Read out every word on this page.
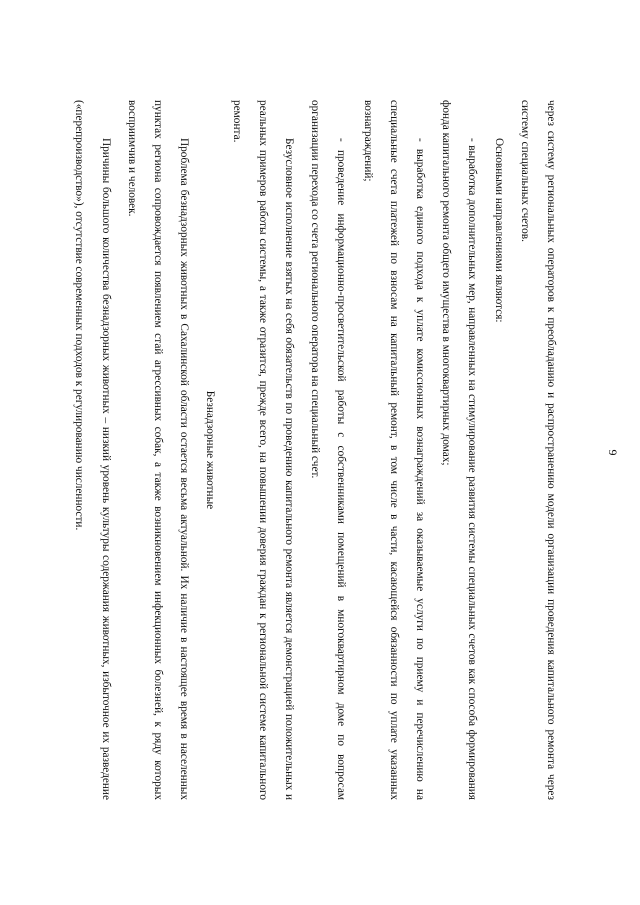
9

через систему региональных операторов к преобладанию и распространению модели организации проведения капитального ремонта через систему специальных счетов.

Основными направлениями являются:

- выработка дополнительных мер, направленных на стимулирование развития системы специальных счетов как способа формирования фонда капитального ремонта общего имущества в многоквартирных домах;

- выработка единого подхода к уплате комиссионных вознаграждений за оказываемые услуги по приему и перечислению на специальные счета платежей по взносам на капитальный ремонт, в том числе в части, касающейся обязанности по уплате указанных вознаграждений;

- проведение информационно-просветительской работы с собственниками помещений в многоквартирном доме по вопросам организации перехода со счета регионального оператора на специальный счет.

Безусловное исполнение взятых на себя обязательств по проведению капитального ремонта является демонстрацией положительных и реальных примеров работы системы, а также отразится, прежде всего, на повышении доверия граждан к региональной системе капитального ремонта.

Безнадзорные животные

Проблема безнадзорных животных в Сахалинской области остается весьма актуальной. Их наличие в настоящее время в населенных пунктах региона сопровождается появлением стай агрессивных собак, а также возникновением инфекционных болезней, к ряду которых восприимчив и человек.

Причины большого количества безнадзорных животных – низкий уровень культуры содержания животных, избыточное их разведение («перепроизводство»), отсутствие современных подходов к регулированию численности.
